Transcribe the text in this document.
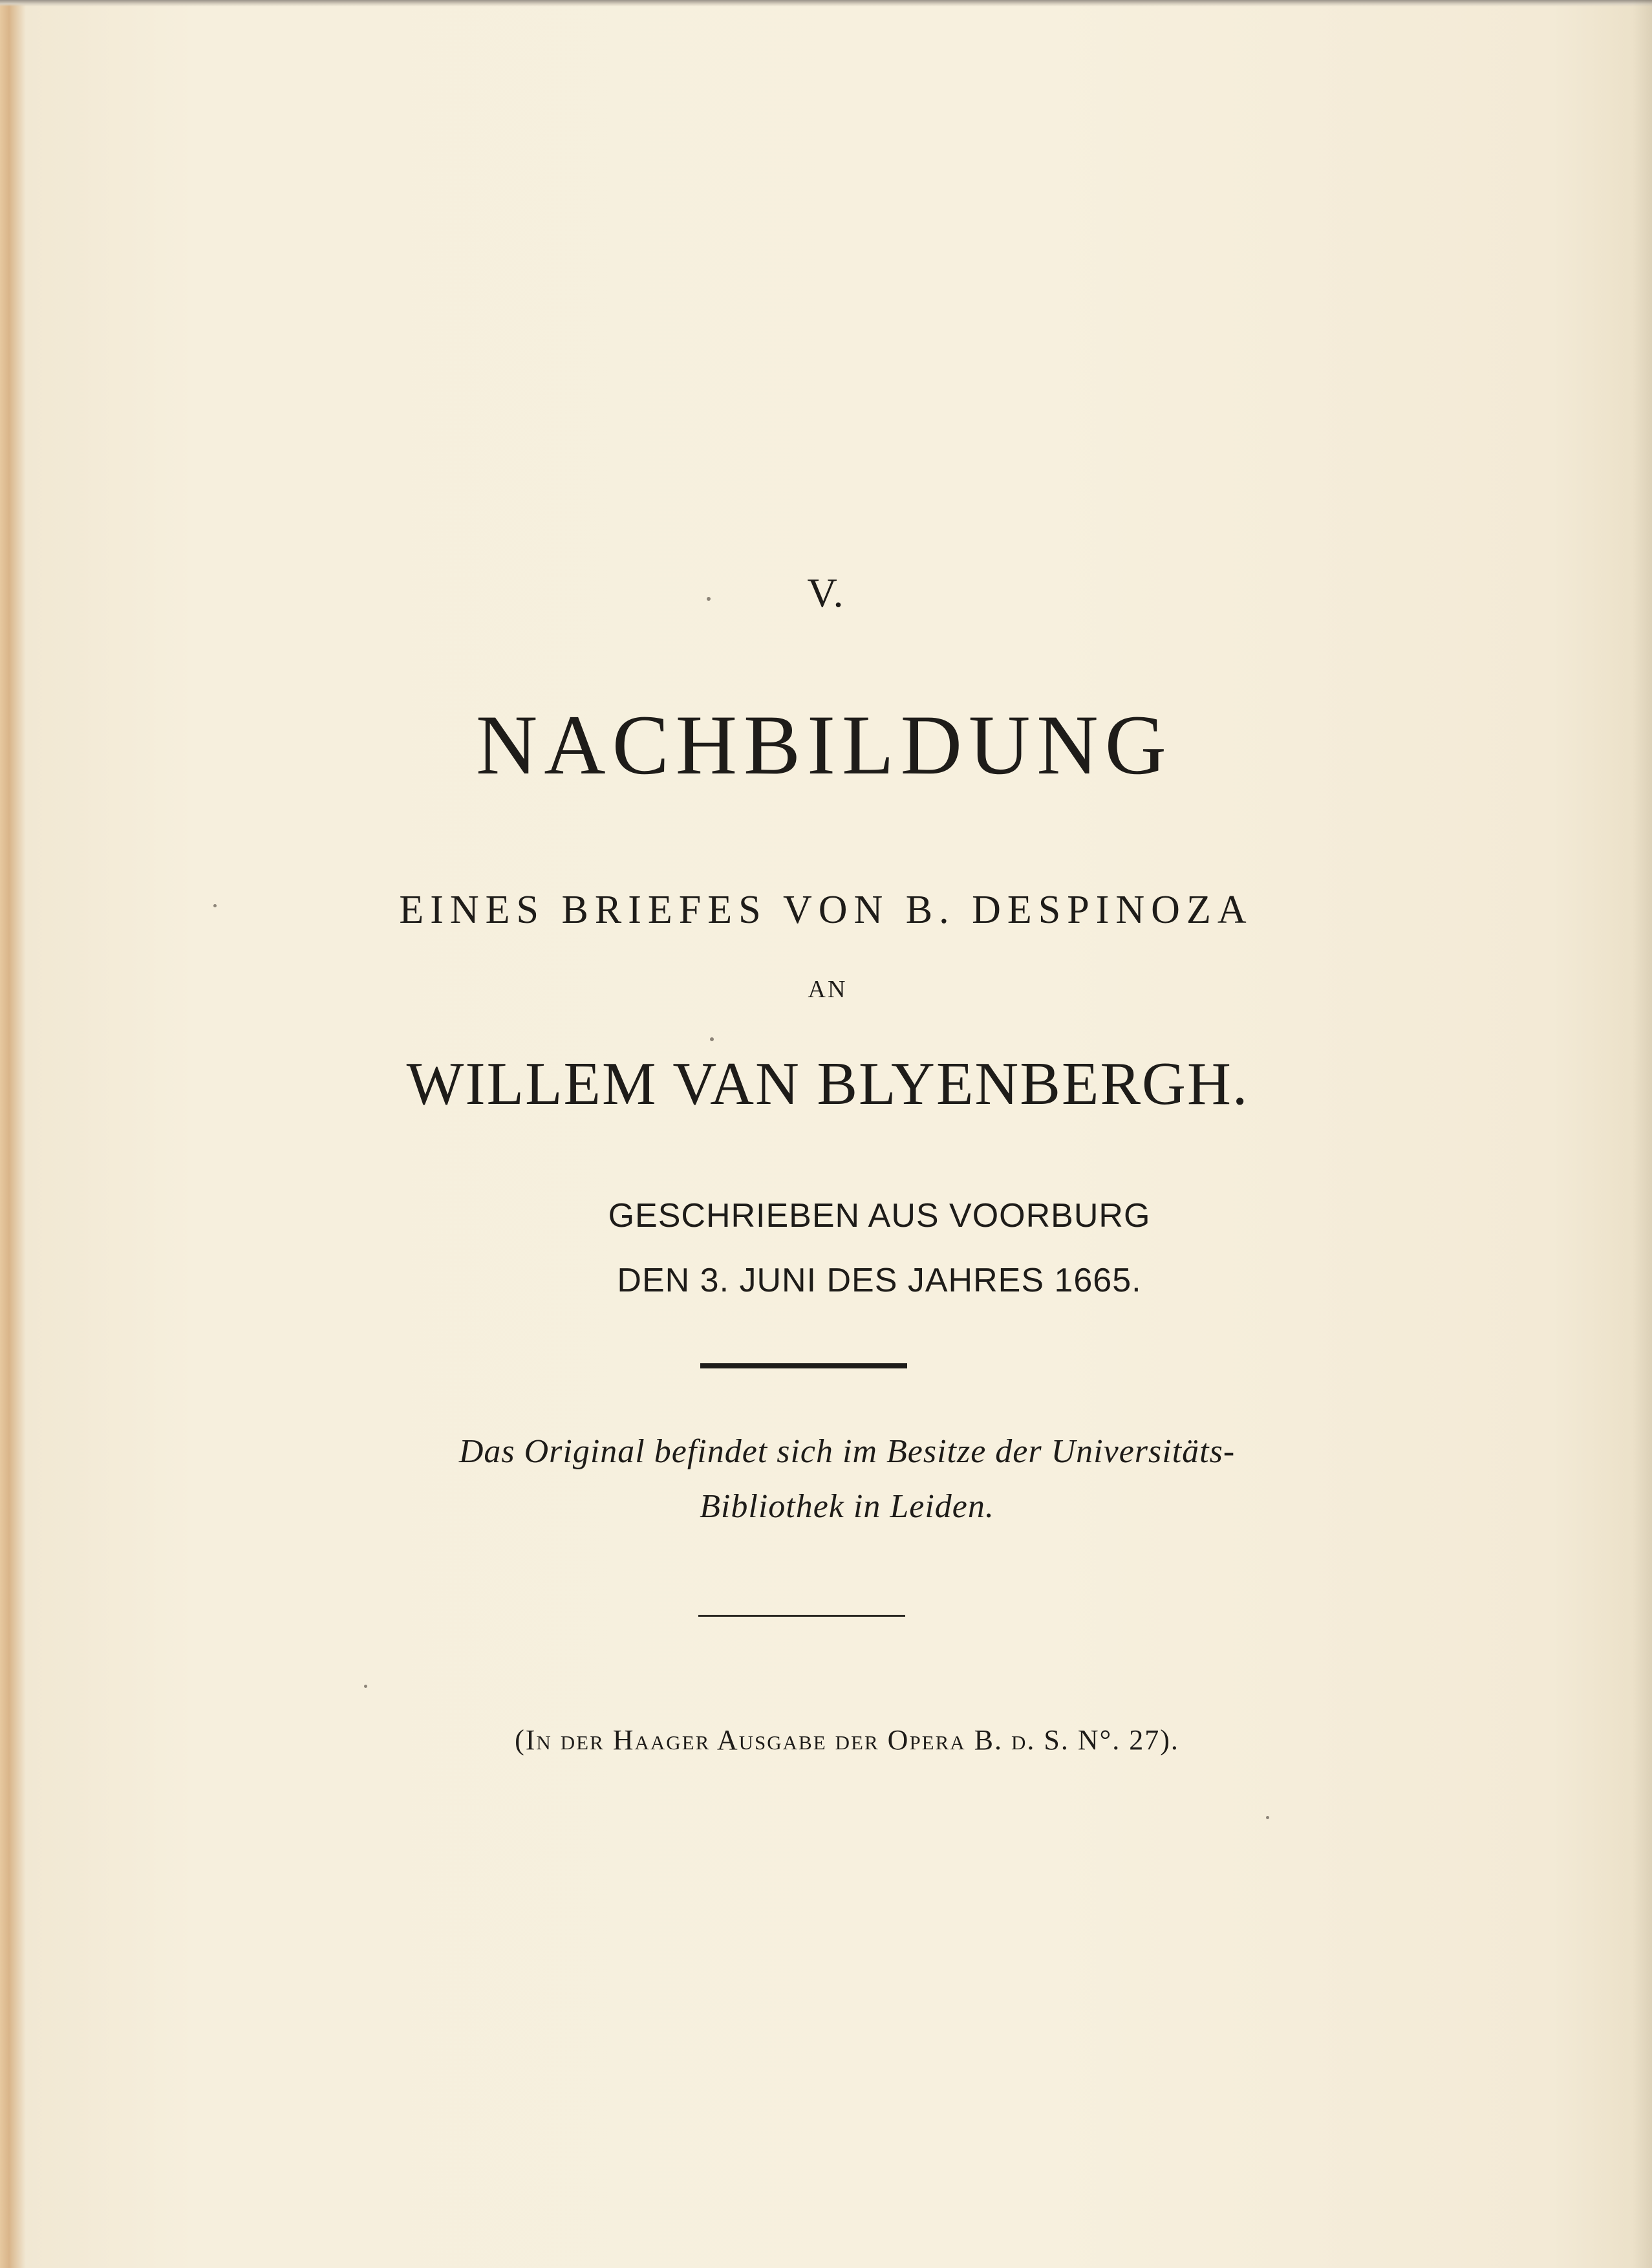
V.
NACHBILDUNG
EINES BRIEFES VON B. DESPINOZA
AN
WILLEM VAN BLYENBERGH.
GESCHRIEBEN AUS VOORBURG
DEN 3. JUNI DES JAHRES 1665.
Das Original befindet sich im Besitze der Universitäts-
Bibliothek in Leiden.
(In der Haager Ausgabe der Opera B. d. S. N°. 27).
